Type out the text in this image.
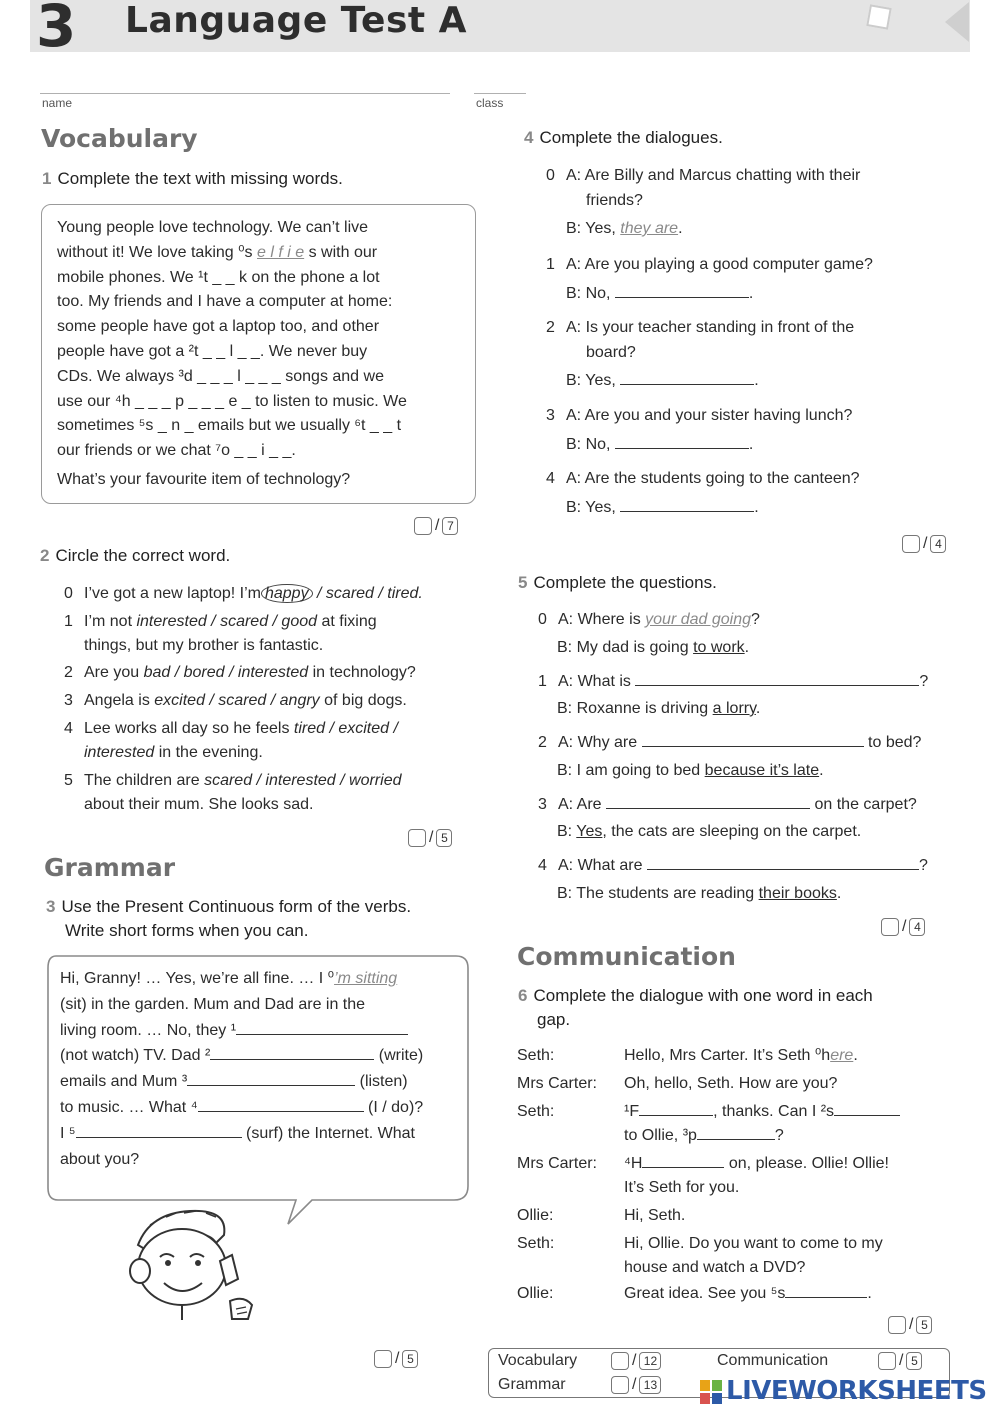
3 Language Test A
name	class
Vocabulary
1 Complete the text with missing words.
Young people love technology. We can’t live
without it! We love taking ⁰s e l f i e s with our
mobile phones. We ¹t _ _ k on the phone a lot
too. My friends and I have a computer at home:
some people have got a laptop too, and other
people have got a ²t _ _ l _ _. We never buy
CDs. We always ³d _ _ _ l _ _ _ songs and we
use our ⁴h _ _ _ p _ _ _ e _ to listen to music. We
sometimes ⁵s _ n _ emails but we usually ⁶t _ _ t
our friends or we chat ⁷o _ _ i _ _.
What’s your favourite item of technology?
/ 7
2 Circle the correct word.
0 I’ve got a new laptop! I’m happy / scared / tired.
1 I’m not interested / scared / good at fixing
things, but my brother is fantastic.
2 Are you bad / bored / interested in technology?
3 Angela is excited / scared / angry of big dogs.
4 Lee works all day so he feels tired / excited /
interested in the evening.
5 The children are scared / interested / worried
about their mum. She looks sad.
/ 5
Grammar
3 Use the Present Continuous form of the verbs.
Write short forms when you can.
Hi, Granny! … Yes, we’re all fine. … I ⁰’m sitting
(sit) in the garden. Mum and Dad are in the
living room. … No, they ¹
(not watch) TV. Dad ²	(write)
emails and Mum ³	(listen)
to music. … What ⁴	(I / do)?
I ⁵	(surf) the Internet. What
about you?
/ 5
4 Complete the dialogues.
0 A: Are Billy and Marcus chatting with their
friends?
B: Yes, they are.
1 A: Are you playing a good computer game?
B: No,	.
2 A: Is your teacher standing in front of the
board?
B: Yes,	.
3 A: Are you and your sister having lunch?
B: No,	.
4 A: Are the students going to the canteen?
B: Yes,	.
/ 4
5 Complete the questions.
0 A: Where is your dad going?
B: My dad is going to work.
1 A: What is	?
B: Roxanne is driving a lorry.
2 A: Why are	to bed?
B: I am going to bed because it’s late.
3 A: Are	on the carpet?
B: Yes, the cats are sleeping on the carpet.
4 A: What are	?
B: The students are reading their books.
/ 4
Communication
6 Complete the dialogue with one word in each
gap.
Seth:	Hello, Mrs Carter. It’s Seth ⁰here.
Mrs Carter: Oh, hello, Seth. How are you?
Seth:	¹F	, thanks. Can I ²s
to Ollie, ³p	?
Mrs Carter: ⁴H	on, please. Ollie! Ollie!
It’s Seth for you.
Ollie:	Hi, Seth.
Seth:	Hi, Ollie. Do you want to come to my
house and watch a DVD?
Ollie:	Great idea. See you ⁵s	.
/ 5
Vocabulary	/ 12	Communication	/ 5
Grammar	/ 13	LIVEWORKSHEETS
